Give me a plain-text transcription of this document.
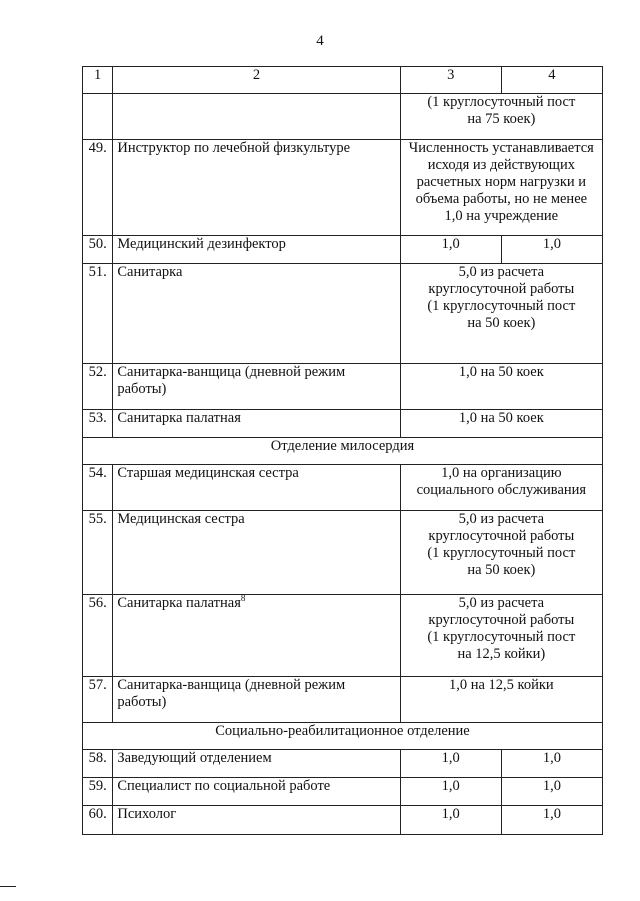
4
1	2	3	4

		(1 круглосуточный пост
на 75 коек)	

49.	Инструктор по лечебной физкультуре	Численность устанавливается
исходя из действующих
расчетных норм нагрузки и
объема работы, но не менее
1,0 на учреждение	

50.	Медицинский дезинфектор	1,0	1,0
51.	Санитарка	5,0 из расчета
круглосуточной работы
(1 круглосуточный пост
на 50 коек)	

52.	Санитарка-ванщица (дневной режим
работы)	1,0 на 50 коек	
53.	Санитарка палатная	1,0 на 50 коек	
Отделение милосердия			
54.	Старшая медицинская сестра	1,0 на организацию
социального обслуживания	

55.	Медицинская сестра	5,0 из расчета
круглосуточной работы
(1 круглосуточный пост
на 50 коек)	

56.	Санитарка палатная$^8$	5,0 из расчета
круглосуточной работы
(1 круглосуточный пост
на 12,5 койки)	

57.	Санитарка-ванщица (дневной режим
работы)	1,0 на 12,5 койки	
Социально-реабилитационное отделение			
58.	Заведующий отделением	1,0	1,0
59.	Специалист по социальной работе	1,0	1,0
60.	Психолог	1,0	1,0
